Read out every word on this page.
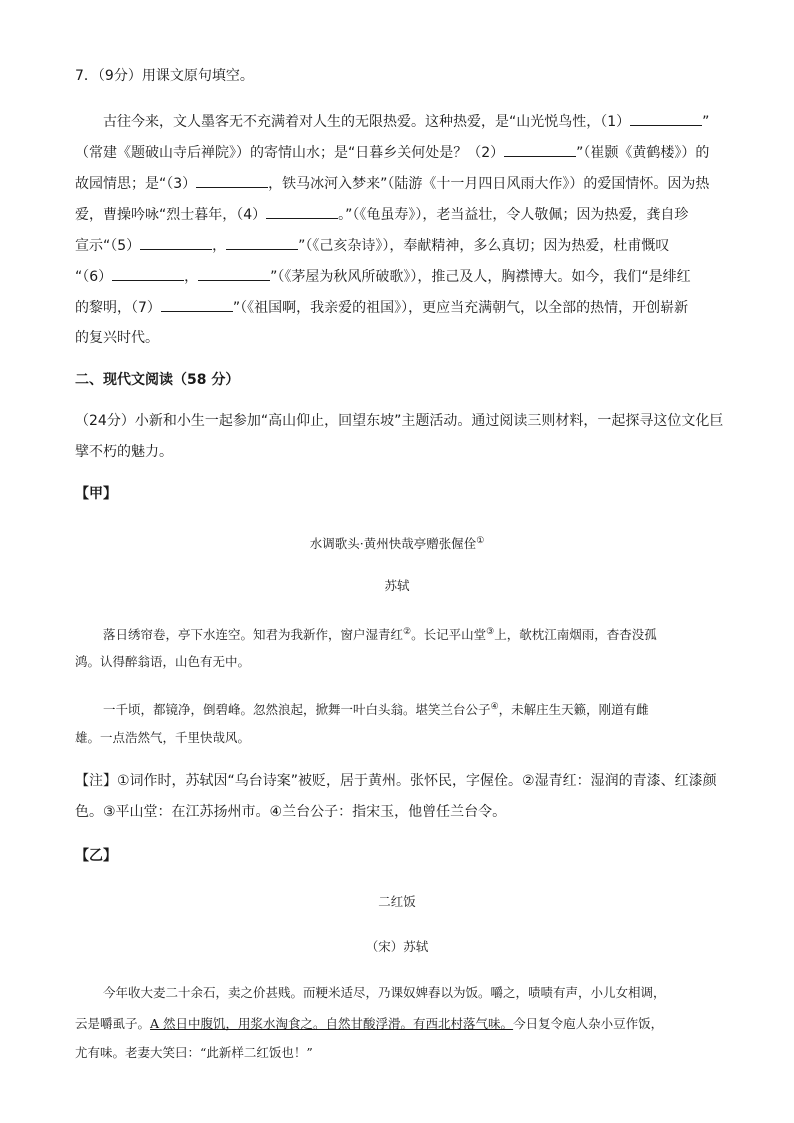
7．（9分）用课文原句填空。
古往今来，文人墨客无不充满着对人生的无限热爱。这种热爱，是“山光悦鸟性，（1）	”
（常建《题破山寺后禅院》）的寄情山水；是“日暮乡关何处是？（2）	”（崔颢《黄鹤楼》）的
故园情思；是“（3）	，铁马冰河入梦来”（陆游《十一月四日风雨大作》）的爱国情怀。因为热
爱，曹操吟咏“烈士暮年，（4）	。”（《龟虽寿》），老当益壮，令人敬佩；因为热爱，龚自珍
宣示“（5）	，	”（《己亥杂诗》），奉献精神，多么真切；因为热爱，杜甫慨叹
“（6）	，	”（《茅屋为秋风所破歌》），推己及人，胸襟博大。如今，我们“是绯红
的黎明，（7）	”（《祖国啊，我亲爱的祖国》），更应当充满朝气，以全部的热情，开创崭新
的复兴时代。
二、现代文阅读（58 分）
（24分）小新和小生一起参加“高山仰止，回望东坡”主题活动。通过阅读三则材料，一起探寻这位文化巨
擘不朽的魅力。
【甲】
水调歌头·黄州快哉亭赠张偓佺①
苏轼
落日绣帘卷，亭下水连空。知君为我新作，窗户湿青红②。长记平山堂③上，欹枕江南烟雨，杳杳没孤
鸿。认得醉翁语，山色有无中。
一千顷，都镜净，倒碧峰。忽然浪起，掀舞一叶白头翁。堪笑兰台公子④，未解庄生天籁，刚道有雌
雄。一点浩然气，千里快哉风。
【注】①词作时，苏轼因“乌台诗案”被贬，居于黄州。张怀民，字偓佺。②湿青红：湿润的青漆、红漆颜
色。③平山堂：在江苏扬州市。④兰台公子：指宋玉，他曾任兰台令。
【乙】
二红饭
（宋）苏轼
今年收大麦二十余石，卖之价甚贱。而粳米适尽，乃课奴婢舂以为饭。嚼之，啧啧有声，小儿女相调，
云是嚼虱子。A 然日中腹饥，用浆水淘食之。自然甘酸浮滑。有西北村落气味。今日复令庖人杂小豆作饭，
尤有味。老妻大笑曰：“此新样二红饭也！”
